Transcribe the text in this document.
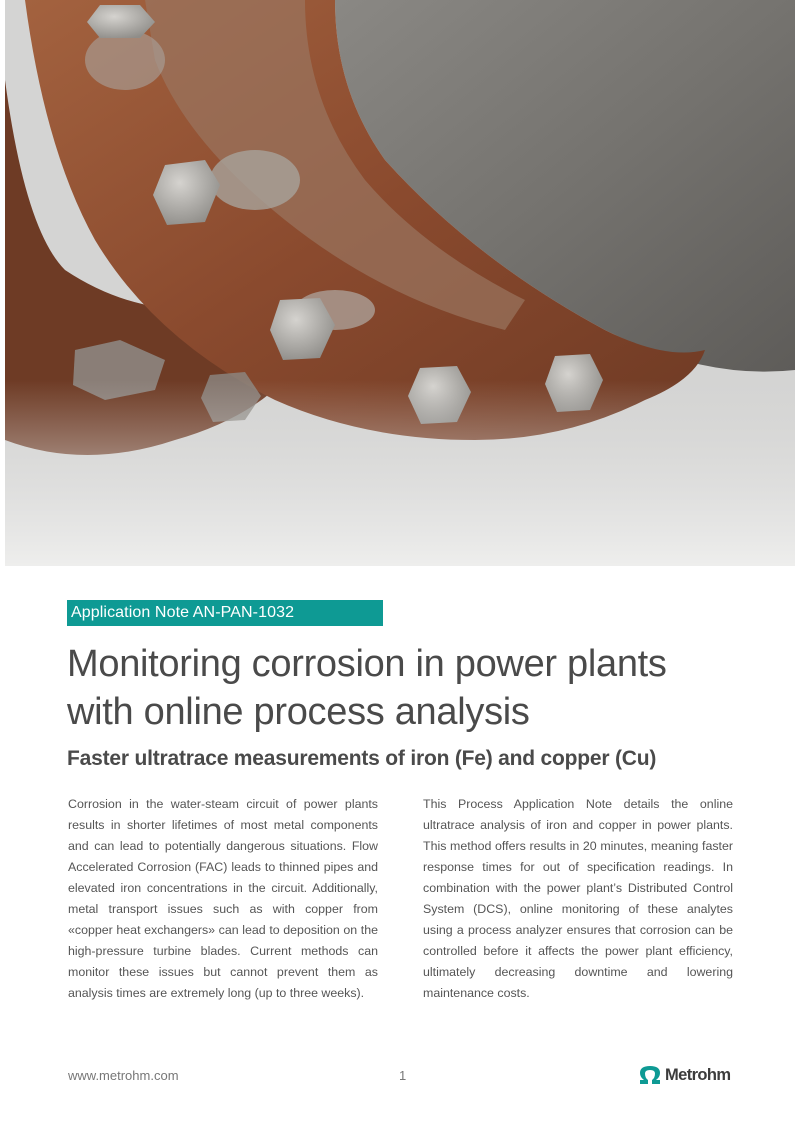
Application Note AN-PAN-1032
Monitoring corrosion in power plants
with online process analysis
Faster ultratrace measurements of iron (Fe) and copper (Cu)

Corrosion in the water-steam circuit of power plants results in shorter lifetimes of most metal components and can lead to potentially dangerous situations. Flow Accelerated Corrosion (FAC) leads to thinned pipes and elevated iron concentrations in the circuit. Additionally, metal transport issues such as with copper from «copper heat exchangers» can lead to deposition on the high-pressure turbine blades. Current methods can monitor these issues but cannot prevent them as analysis times are extremely long (up to three weeks).

This Process Application Note details the online ultratrace analysis of iron and copper in power plants. This method offers results in 20 minutes, meaning faster response times for out of specification readings. In combination with the power plant’s Distributed Control System (DCS), online monitoring of these analytes using a process analyzer ensures that corrosion can be controlled before it affects the power plant efficiency, ultimately decreasing downtime and lowering maintenance costs.

www.metrohm.com	1	Metrohm
